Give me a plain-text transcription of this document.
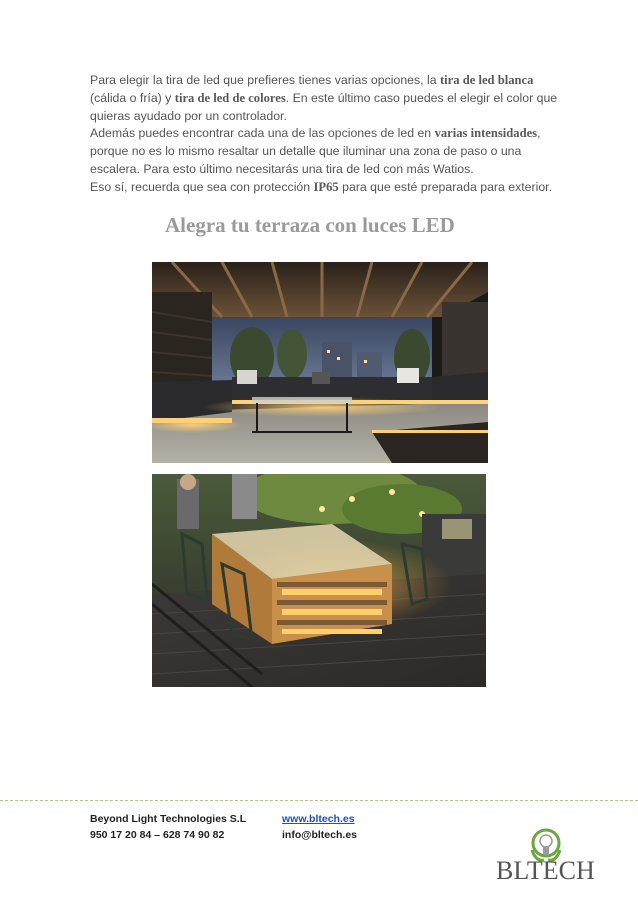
Para elegir la tira de led que prefieres tienes varias opciones, la tira de led blanca (cálida o fría) y tira de led de colores. En este último caso puedes el elegir el color que quieras ayudado por un controlador.

Además puedes encontrar cada una de las opciones de led en varias intensidades, porque no es lo mismo resaltar un detalle que iluminar una zona de paso o una escalera. Para esto último necesitarás una tira de led con más Watios.

Eso sí, recuerda que sea con protección IP65 para que esté preparada para exterior.

Alegra tu terraza con luces LED
Beyond Light Technologies S.L
950 17 20 84 – 628 74 90 82
www.bltech.es
info@bltech.es
BLTECH
